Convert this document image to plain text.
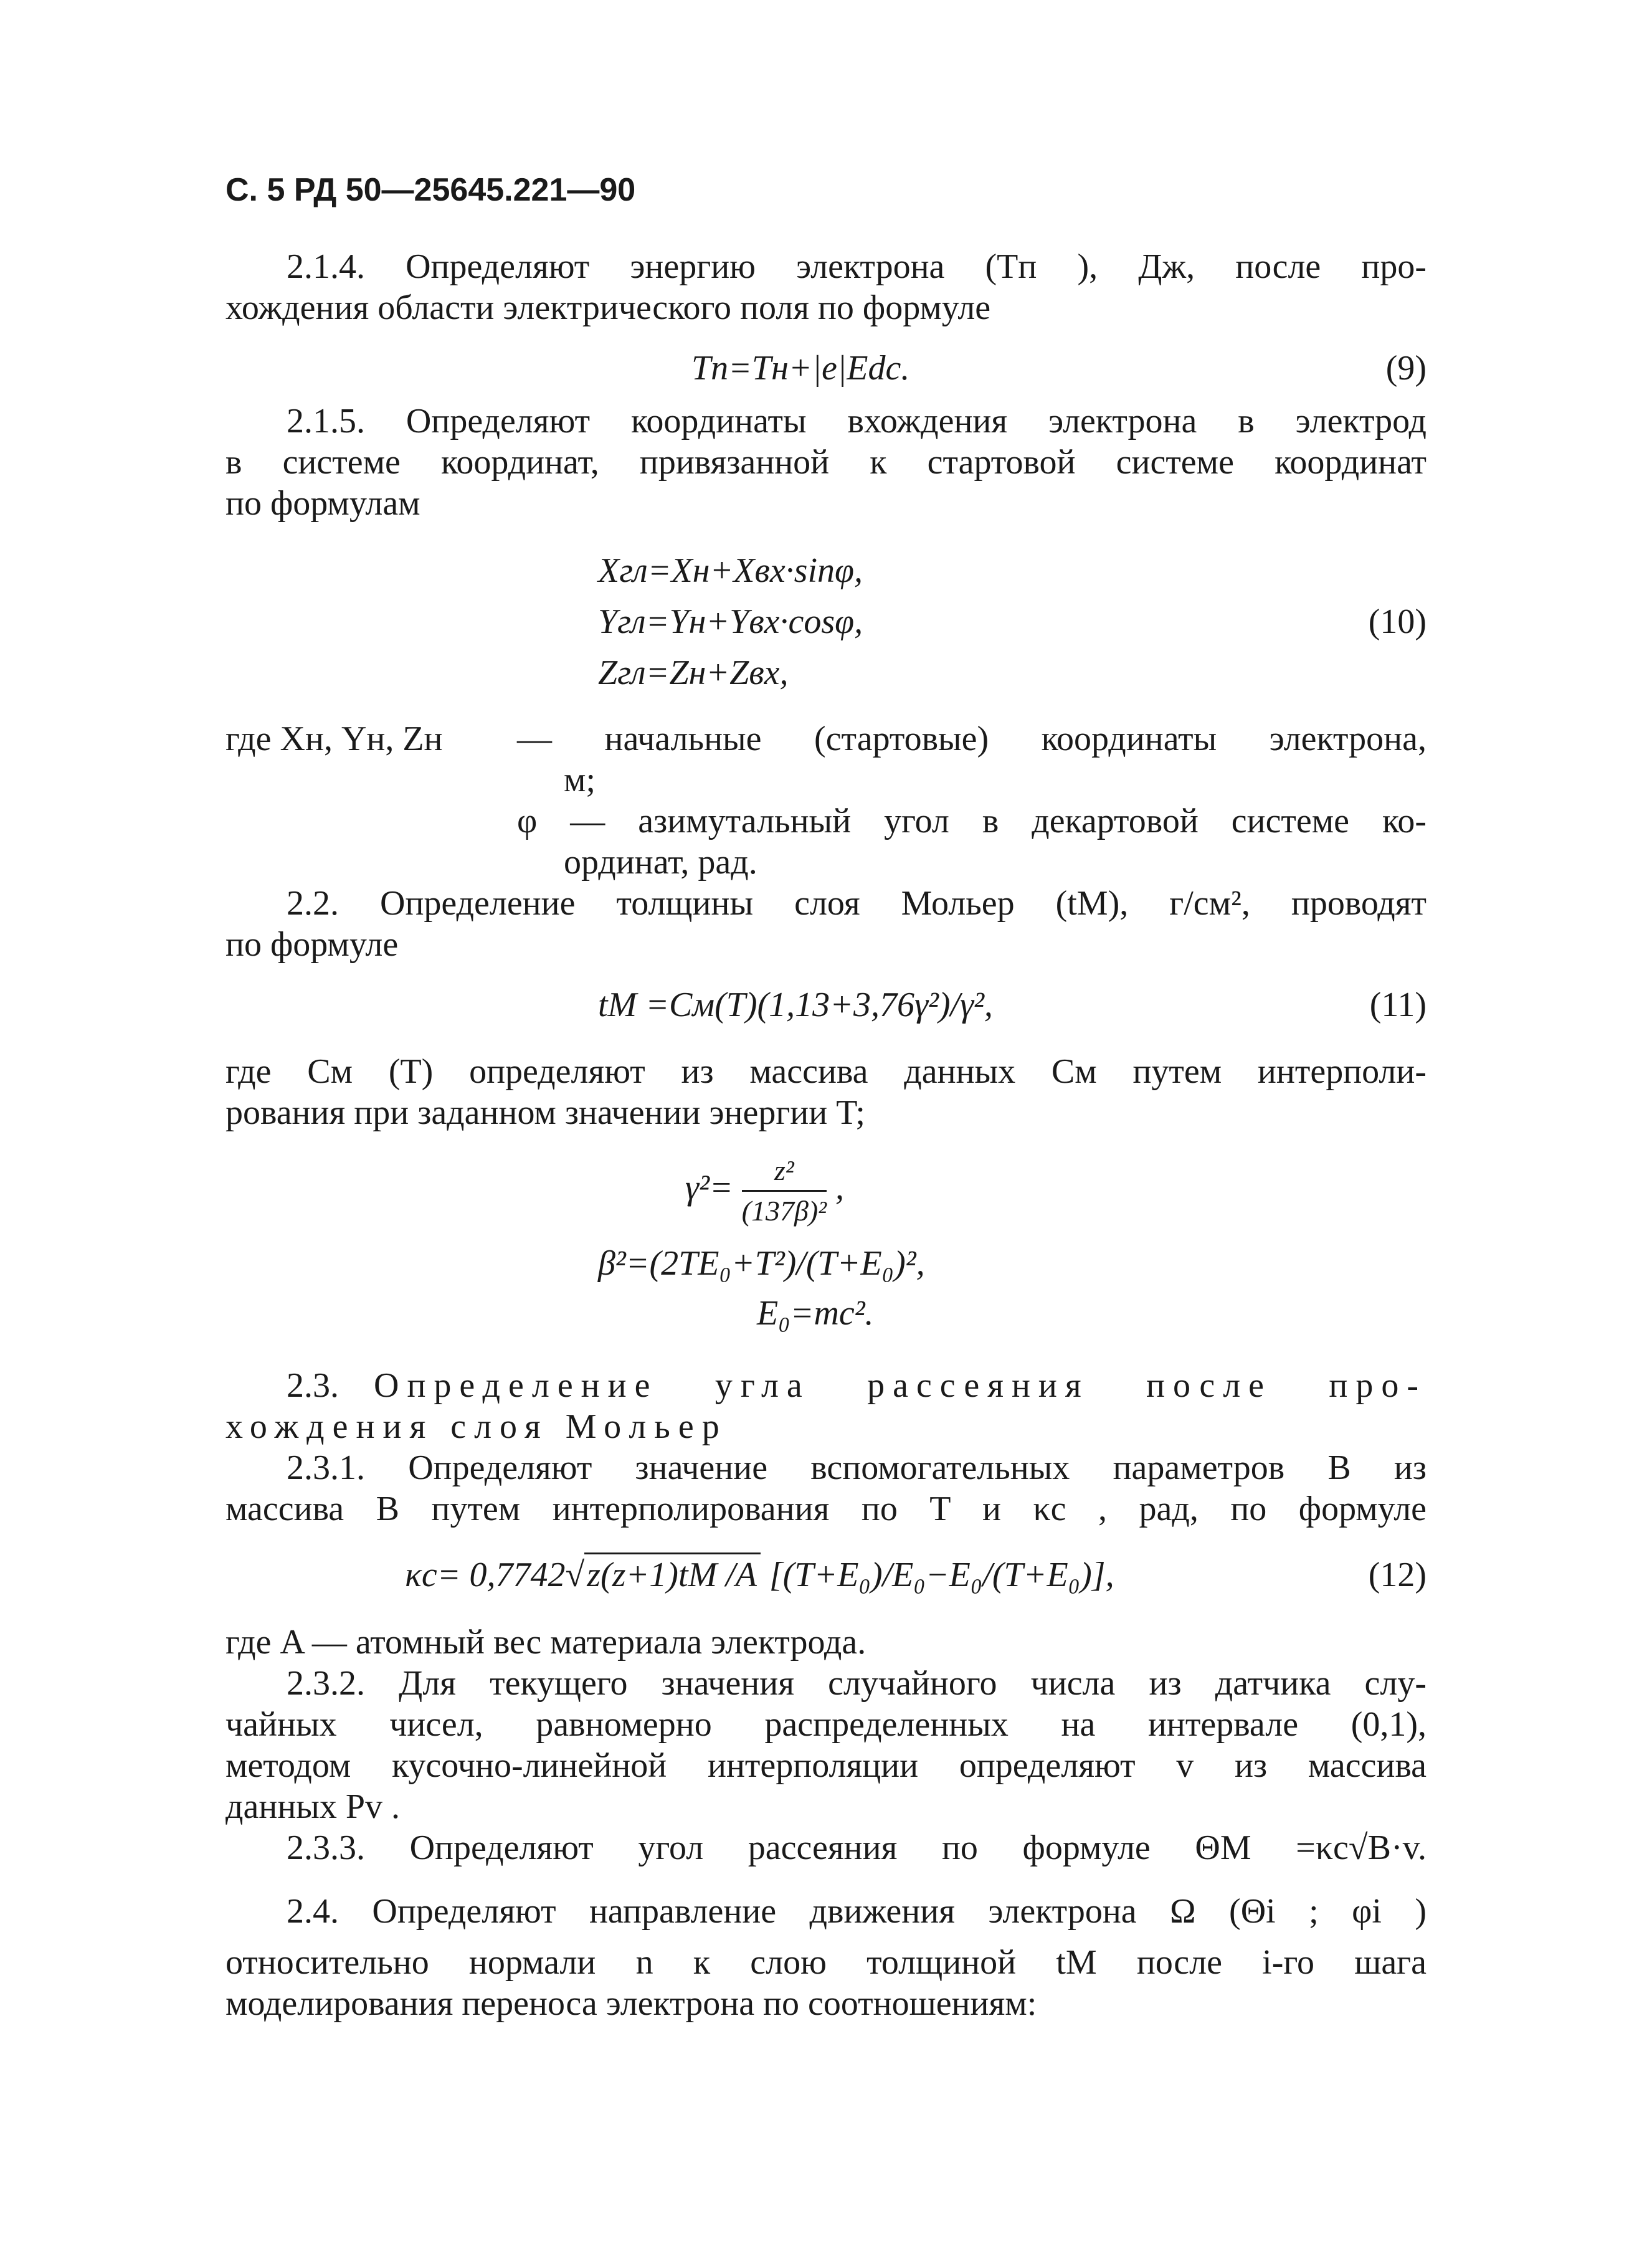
С. 5 РД 50—25645.221—90
2.1.4. Определяют энергию электрона (Tп ), Дж, после про-
хождения области электрического поля по формуле
Tп=Tн+|e|Edс.	(9)
2.1.5. Определяют координаты вхождения электрона в электрод
в системе координат, привязанной к стартовой системе координат
по формулам
Xгл=Xн+Xвх·sinφ,
Yгл=Yн+Yвх·cosφ,
Zгл=Zн+Zвх,
(10)
где Xн, Yн, Zн — начальные (стартовые) координаты электрона,
м;
φ — азимутальный угол в декартовой системе ко-
ординат, рад.
2.2. Определение толщины слоя Мольер (tM), г/см², проводят
по формуле
tM =Cм(T)(1,13+3,76γ²)/γ²,	(11)
где Cм (T) определяют из массива данных Cм путем интерполи-
рования при заданном значении энергии T;
$\gamma^2= \frac{\text{z²}}{\text{(137β)²}}$ ,
β²=(2TE₀+T²)/(T+E₀)²,
E₀=mc².
2.3. Определение угла рассеяния после про-
хождения слоя Мольер
2.3.1. Определяют значение вспомогательных параметров B из
массива B путем интерполирования по T и κс , рад, по формуле
κс= 0,7742√z(z+1)tM /A [(T+E₀)/E₀−E₀/(T+E₀)],	(12)
где A — атомный вес материала электрода.
2.3.2. Для текущего значения случайного числа из датчика слу-
чайных чисел, равномерно распределенных на интервале (0,1),
методом кусочно-линейной интерполяции определяют v из массива
данных Pv .
2.3.3. Определяют угол рассеяния по формуле ΘM =κс√B·v.
2.4. Определяют направление движения электрона Ω (Θi ; φi )
относительно нормали n к слою толщиной tM после i-го шага
моделирования переноса электрона по соотношениям:
